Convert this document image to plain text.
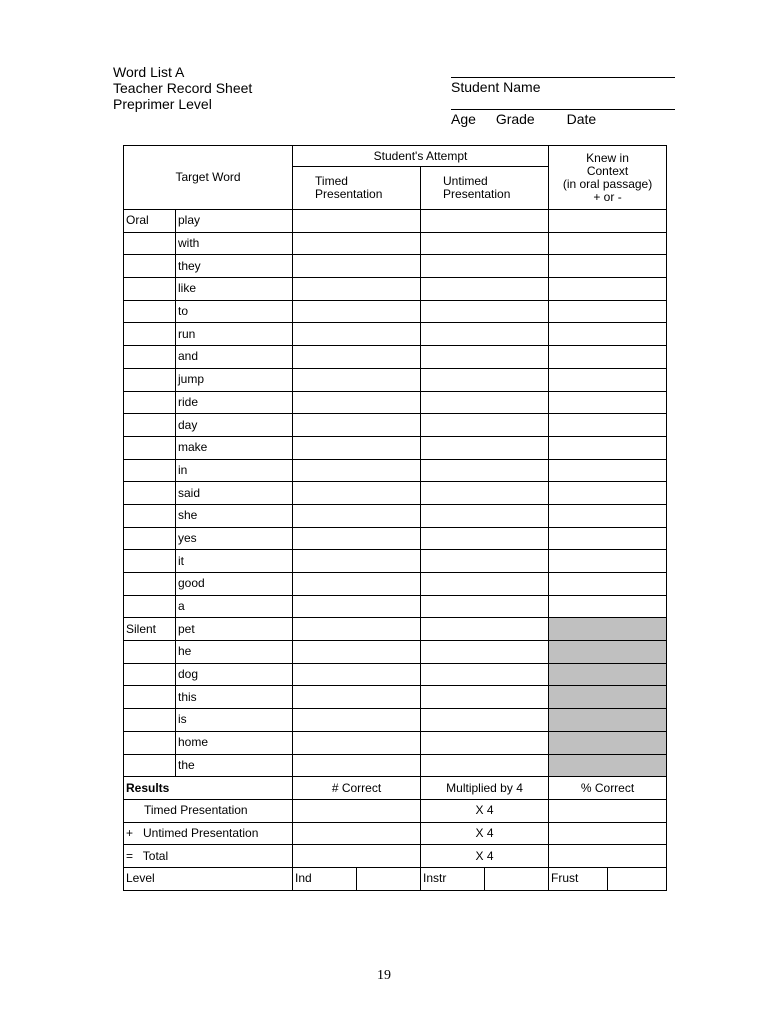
Word List A
Teacher Record Sheet
Preprimer Level
Student Name
Age Grade Date
Target Word		Student's Attempt				Knew in
Context
(in oral passage)
+ or -	

		Timed Presentation		Untimed Presentation			
Oral	play						
	with						
	they						
	like						
	to						
	run						
	and						
	jump						
	ride						
	day						
	make						
	in						
	said						
	she						
	yes						
	it						
	good						
	a						
Silent	pet						
	he						
	dog						
	this						
	is						
	home						
	the						
Results		# Correct		Multiplied by 4		% Correct	
Timed Presentation				X 4			
+   Untimed Presentation				X 4			
=   Total				X 4			
Level		Ind		Instr		Frust	
19
